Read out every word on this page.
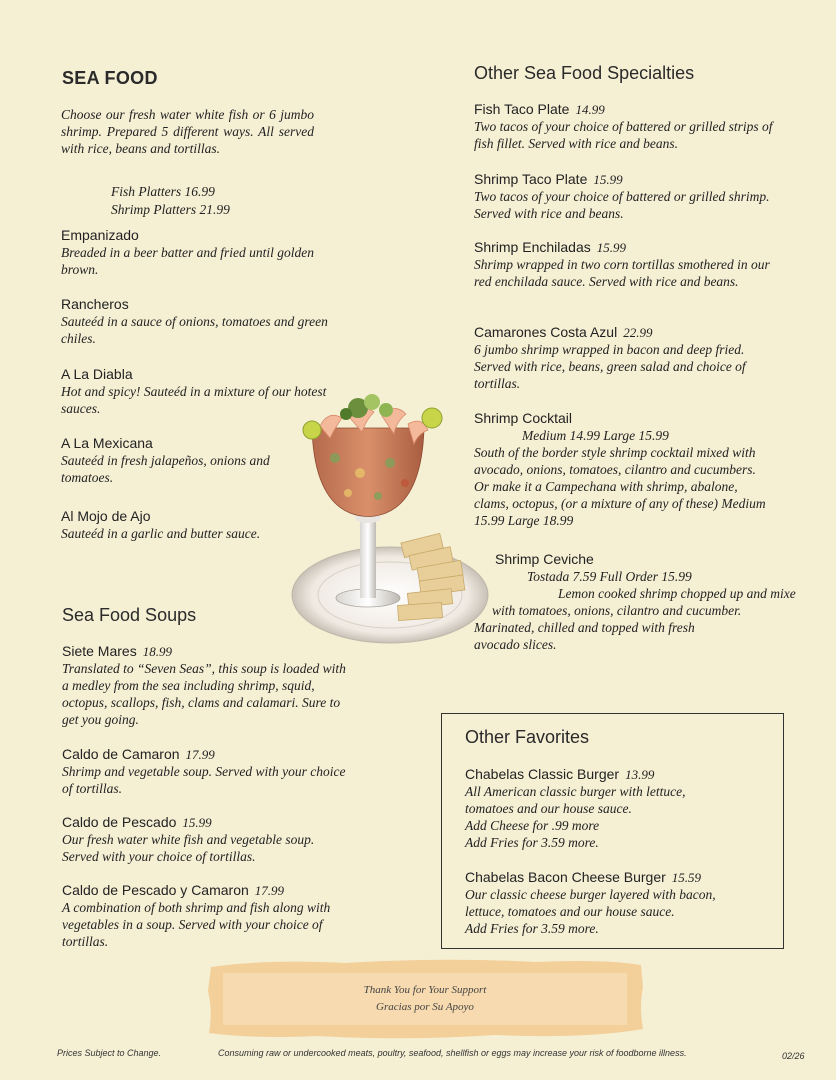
SEA FOOD
Choose our fresh water white fish or 6 jumbo shrimp. Prepared 5 different ways. All served with rice, beans and tortillas.
Fish Platters 16.99
Shrimp Platters 21.99
Empanizado
Breaded in a beer batter and fried until golden brown.
Rancheros
Sauteéd in a sauce of onions, tomatoes and green chiles.
A La Diabla
Hot and spicy! Sauteéd in a mixture of our hotest sauces.
A La Mexicana
Sauteéd in fresh jalapeños, onions and tomatoes.
Al Mojo de Ajo
Sauteéd in a garlic and butter sauce.
Sea Food Soups
Siete Mares 18.99
Translated to “Seven Seas”, this soup is loaded with a medley from the sea including shrimp, squid, octopus, scallops, fish, clams and calamari. Sure to get you going.
Caldo de Camaron 17.99
Shrimp and vegetable soup. Served with your choice of tortillas.
Caldo de Pescado 15.99
Our fresh water white fish and vegetable soup. Served with your choice of tortillas.
Caldo de Pescado y Camaron 17.99
A combination of both shrimp and fish along with vegetables in a soup. Served with your choice of tortillas.
Other Sea Food Specialties
Fish Taco Plate 14.99
Two tacos of your choice of battered or grilled strips of fish fillet. Served with rice and beans.
Shrimp Taco Plate 15.99
Two tacos of your choice of battered or grilled shrimp. Served with rice and beans.
Shrimp Enchiladas 15.99
Shrimp wrapped in two corn tortillas smothered in our red enchilada sauce. Served with rice and beans.
Camarones Costa Azul 22.99
6 jumbo shrimp wrapped in bacon and deep fried. Served with rice, beans, green salad and choice of tortillas.
Shrimp Cocktail
Medium 14.99 Large 15.99
South of the border style shrimp cocktail mixed with avocado, onions, tomatoes, cilantro and cucumbers. Or make it a Campechana with shrimp, abalone, clams, octopus, (or a mixture of any of these) Medium 15.99 Large 18.99
Shrimp Ceviche
Tostada 7.59 Full Order 15.99
Lemon cooked shrimp chopped up and mixe
with tomatoes, onions, cilantro and cucumber.
Marinated, chilled and topped with fresh avocado slices.
Other Favorites
Chabelas Classic Burger 13.99
All American classic burger with lettuce, tomatoes and our house sauce.
Add Cheese for .99 more
Add Fries for 3.59 more.
Chabelas Bacon Cheese Burger 15.59
Our classic cheese burger layered with bacon, lettuce, tomatoes and our house sauce.
Add Fries for 3.59 more.
Thank You for Your Support
Gracias por Su Apoyo
Prices Subject to Change.	Consuming raw or undercooked meats, poultry, seafood, shellfish or eggs may increase your risk of foodborne illness.	02/26
